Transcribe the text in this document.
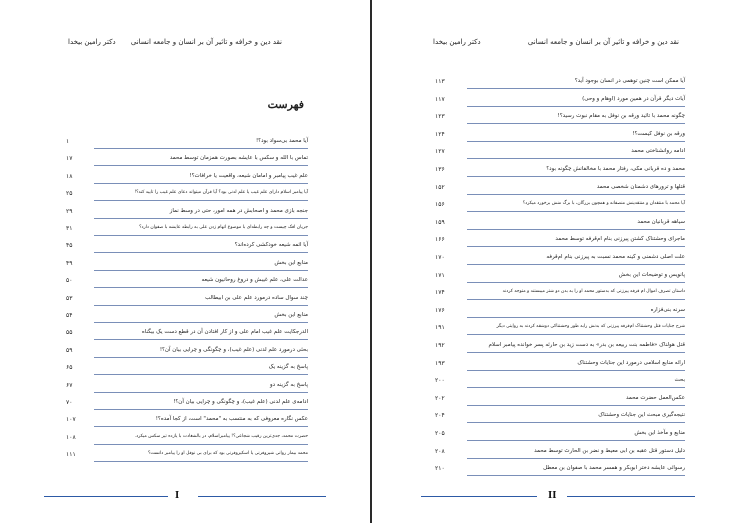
نقد دین و خرافه و تاثیر آن بر انسان و جامعه انسانی
دکتر رامین بیخدا
فهرست
آیا محمد بی‌سواد بود؟!
۱
تماس با الله و سکس با عایشه بصورت همزمان توسط محمد
۱۷
علم غیب پیامبر و امامان شیعه، واقعیت یا خرافات؟!
۱۸
آیا پیامبر اسلام دارای علم غیب یا علم لدنی بود؟ آیا قرآن میتواند دعای علم غیب را تایید کند؟!
۲۵
جنجه بازی محمد و اصحابش در همه امور، حتی در وسط نماز
۲۹
جریان افک چیست و چه رابطه‌ای با موضوع اتهام زدن علی به رابطه عایشه با صفوان دارد؟
۳۱
آیا ائمه شیعه خودکشی کرده‌اند؟
۴۵
منابع این بخش
۴۹
عدالت علی، علم غیبش و دروغ روحانیون شیعه
۵۰
چند سوال ساده درمورد علم علی بن ابیطالب
۵۳
منابع این بخش
۵۴
الدرجکایت علم غیب امام علی و از کار افتادن آن در قطع دست یک بیگناه
۵۵
بحثی درمورد علم لدنی (علم غیب)، و چگونگی و چرایی بیان آن؟!
۵۹
پاسخ به گزینه یک
۶۵
پاسخ به گزینه دو
۶۷
ادامه‌ی علم لدنی (علم غیب)، و چگونگی و چرایی بیان آن؟!
۷۰
عکس نگاره معروفی که به منتسب به "محمد" است، از کجا آمده؟!
۱۰۷
حضرت محمد، جدی‌ترین رقیب شجاعی؟! پیامبراسلام، در بالشغادت با یازده تیر سکس میکرد.
۱۰۸
محمد بیمار روانی شیزوفرنی یا اسکیزوفرنی بود که برای بی نوفل او را پیامبر دانست؟
۱۱۱
I
نقد دین و خرافه و تاثیر آن بر انسان و جامعه انسانی
دکتر رامین بیخدا
آیا ممکن است چنین توهمی در انسان بوجود آید؟
۱۱۳
آیات دیگر قرآن در همین مورد (اوهام و وحی)
۱۱۷
چگونه محمد با تائید ورقه بن نوفل به مقام نبوت رسید؟!
۱۲۳
ورقه بن نوفل کیست؟!
۱۲۴
ادامه روانشناختی محمد
۱۲۷
محمد و ده قربانی مکی، رفتار محمد با مخالفانش چگونه بود؟
۱۳۶
قتلها و ترورهای دشمنان شخصی محمد
۱۵۲
آیا محمد با منتقدان و منتقدینش منصفانه و همچون بزرگان، با برگ منش برخورد میکرد؟
۱۵۶
سیاهه قربانیان محمد
۱۵۹
ماجرای وحشتناک کشتن پیرزنی بنام ام‌قرفه توسط محمد
۱۶۶
علت اصلی دشمنی و کینه محمد نسبت به پیرزنی بنام ام‌قرفه
۱۷۰
پانویس و توضیحات این بخش
۱۷۱
داستان تصرف اموال ام قرفه پیرزنی که بدستور محمد او را به بدن دو شتر میبستند و متوجه کردند
۱۷۴
سرنه بنی‌فزاره
۱۷۶
شرح جنایات قتل وحشتناک ام‌قرفه پیرزنی که بدنش رابه طور وحشتناکی دوشقه کردند به روایتی دیگر
۱۹۱
قتل هولناک «فاطمه بنت ربیعه بن بدر» به دست زید بن حارثه پسر خوانده پیامبر اسلام
۱۹۲
ارائه منابع اسلامی درمورد این جنایات وحشتناک
۱۹۳
بحث
۲۰۰
عکس‌العمل حضرت محمد
۲۰۲
نتیجه‌گیری مبحث این جنایات وحشتناک
۲۰۴
منابع و مآخذ این بخش
۲۰۵
دلیل دستور قتل عقبه بن ابی معیط و نضر بن الحارث توسط محمد
۲۰۸
رسوائی عایشه دختر ابوبکر و همسر محمد با صفوان بن معطل
۲۱۰
II
